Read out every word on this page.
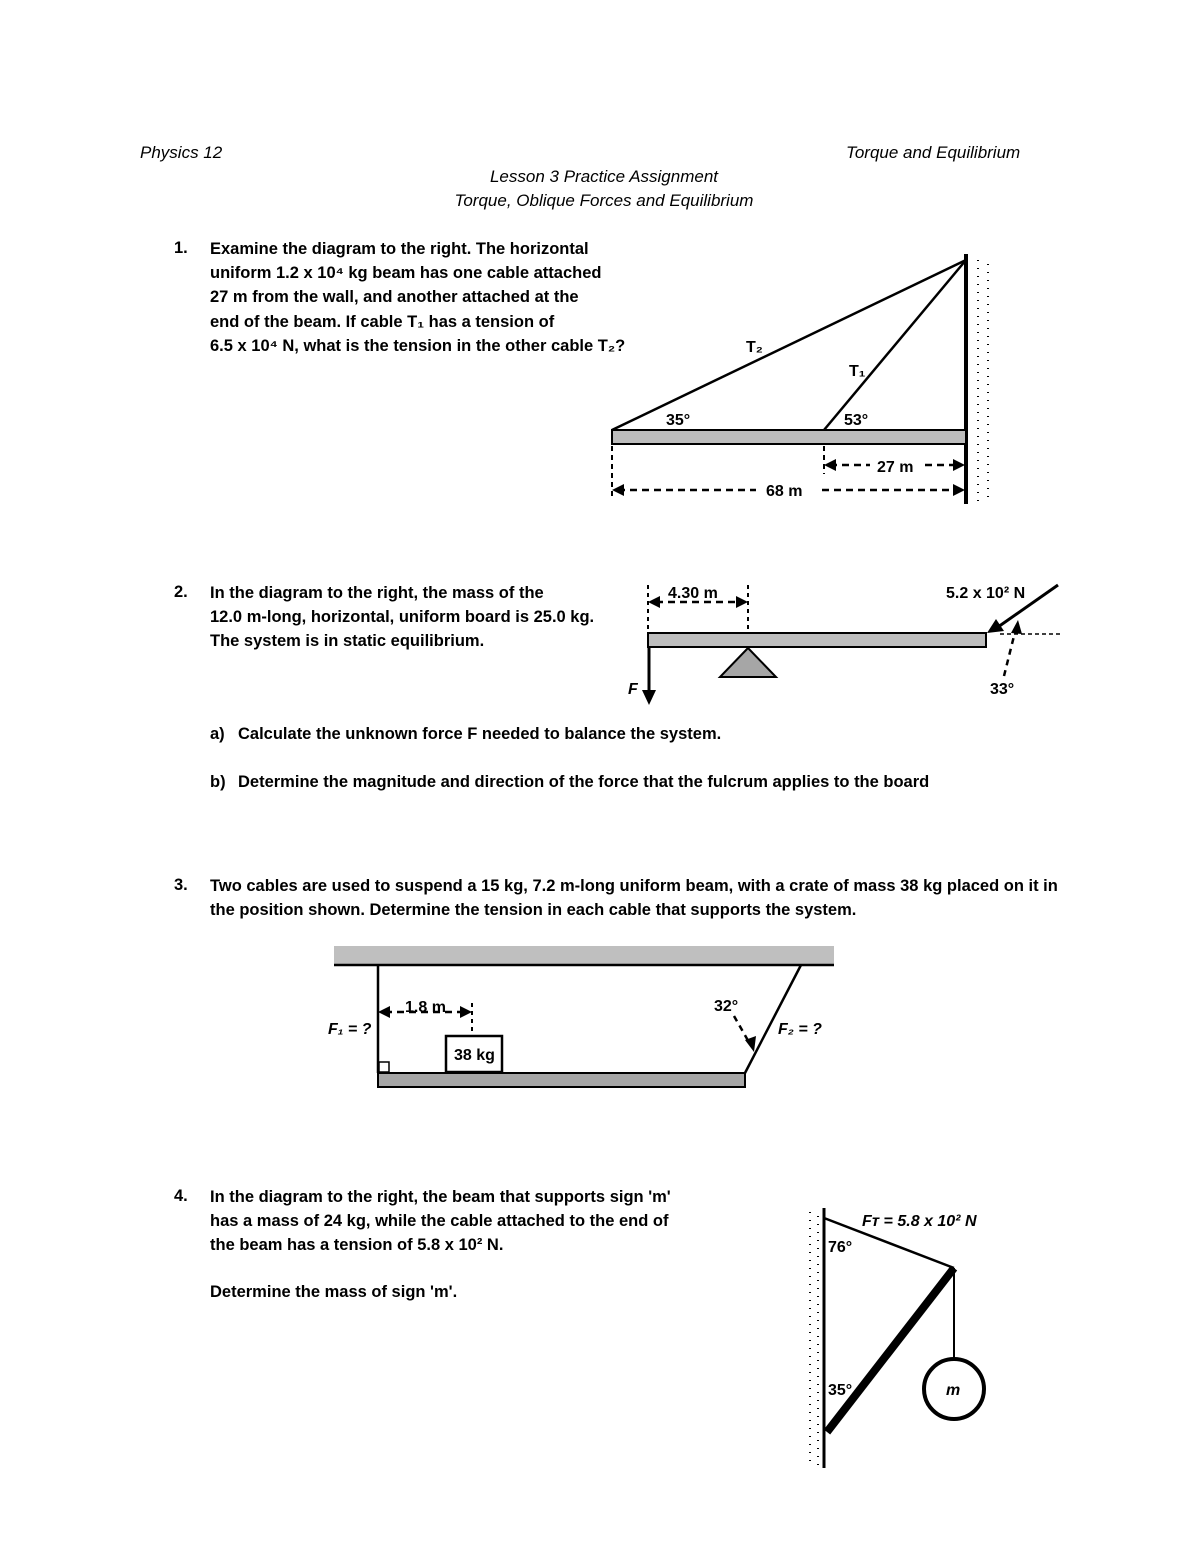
Physics 12	Torque and Equilibrium
Lesson 3 Practice Assignment
Torque, Oblique Forces and Equilibrium
1. Examine the diagram to the right. The horizontal
uniform 1.2 x 10⁴ kg beam has one cable attached
27 m from the wall, and another attached at the
end of the beam. If cable T₁ has a tension of
6.5 x 10⁴ N, what is the tension in the other cable T₂?	T₂
T₁
35°	53°
27 m
68 m
2. In the diagram to the right, the mass of the
12.0 m-long, horizontal, uniform board is 25.0 kg.
The system is in static equilibrium.
a) Calculate the unknown force F needed to balance the system.
b) Determine the magnitude and direction of the force that the fulcrum applies to the board
4.30 m
F
5.2 x 10² N
33°
3. Two cables are used to suspend a 15 kg, 7.2 m-long uniform beam, with a crate of mass 38 kg placed on it in
the position shown. Determine the tension in each cable that supports the system.
38 kg
1.8 m	32°
F₁ = ?	F₂ = ?
4. In the diagram to the right, the beam that supports sign 'm'
has a mass of 24 kg, while the cable attached to the end of
the beam has a tension of 5.8 x 10² N.
Determine the mass of sign 'm'.
m
Fᴛ = 5.8 x 10² N
76°
35°
